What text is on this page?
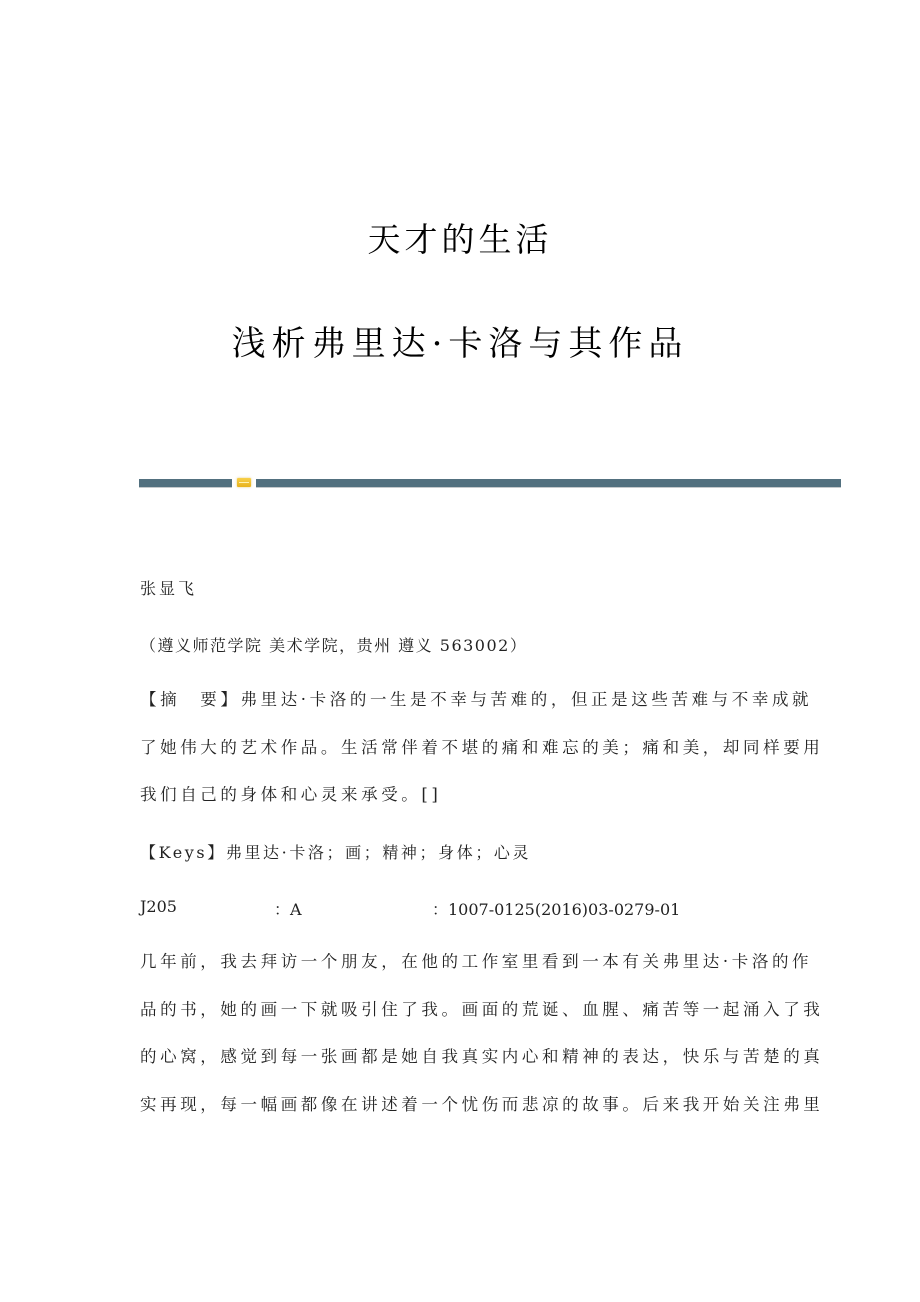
天才的生活
浅析弗里达·卡洛与其作品

张显飞

（遵义师范学院 美术学院，贵州 遵义 563002）

【摘　要】弗里达·卡洛的一生是不幸与苦难的，但正是这些苦难与不幸成就
了她伟大的艺术作品。生活常伴着不堪的痛和难忘的美；痛和美，却同样要用
我们自己的身体和心灵来承受。[]

【Keys】弗里达·卡洛；画；精神；身体；心灵

J205	：A	：1007-0125(2016)03-0279-01
几年前，我去拜访一个朋友，在他的工作室里看到一本有关弗里达·卡洛的作
品的书，她的画一下就吸引住了我。画面的荒诞、血腥、痛苦等一起涌入了我
的心窝，感觉到每一张画都是她自我真实内心和精神的表达，快乐与苦楚的真
实再现，每一幅画都像在讲述着一个忧伤而悲凉的故事。后来我开始关注弗里
